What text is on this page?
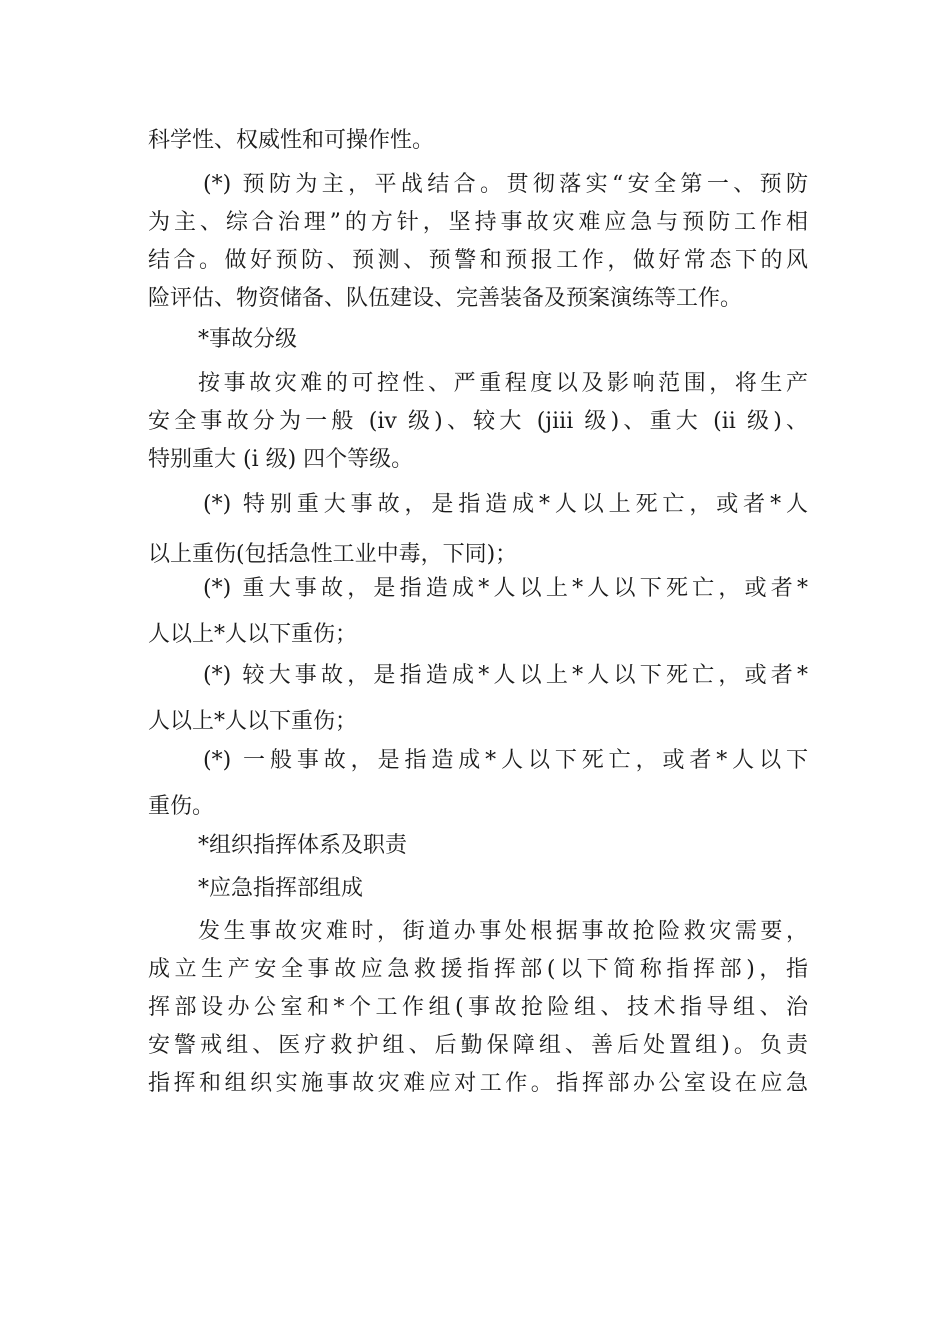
科学性、权威性和可操作性。
(*) 预防为主，平战结合。贯彻落实“安全第一、预防
为主、综合治理”的方针，坚持事故灾难应急与预防工作相
结合。做好预防、预测、预警和预报工作，做好常态下的风
险评估、物资储备、队伍建设、完善装备及预案演练等工作。
*事故分级
按事故灾难的可控性、严重程度以及影响范围，将生产
安全事故分为一般 (iv 级)、较大 (jiii 级)、重大 (ii 级)、
特别重大 (i 级) 四个等级。
(*) 特别重大事故，是指造成*人以上死亡，或者*人
以上重伤(包括急性工业中毒，下同)；
(*) 重大事故，是指造成*人以上*人以下死亡，或者*
人以上*人以下重伤；
(*) 较大事故，是指造成*人以上*人以下死亡，或者*
人以上*人以下重伤；
(*) 一般事故，是指造成*人以下死亡，或者*人以下
重伤。
*组织指挥体系及职责
*应急指挥部组成
发生事故灾难时，街道办事处根据事故抢险救灾需要，
成立生产安全事故应急救援指挥部(以下简称指挥部)，指
挥部设办公室和*个工作组(事故抢险组、技术指导组、治
安警戒组、医疗救护组、后勤保障组、善后处置组)。负责
指挥和组织实施事故灾难应对工作。指挥部办公室设在应急
